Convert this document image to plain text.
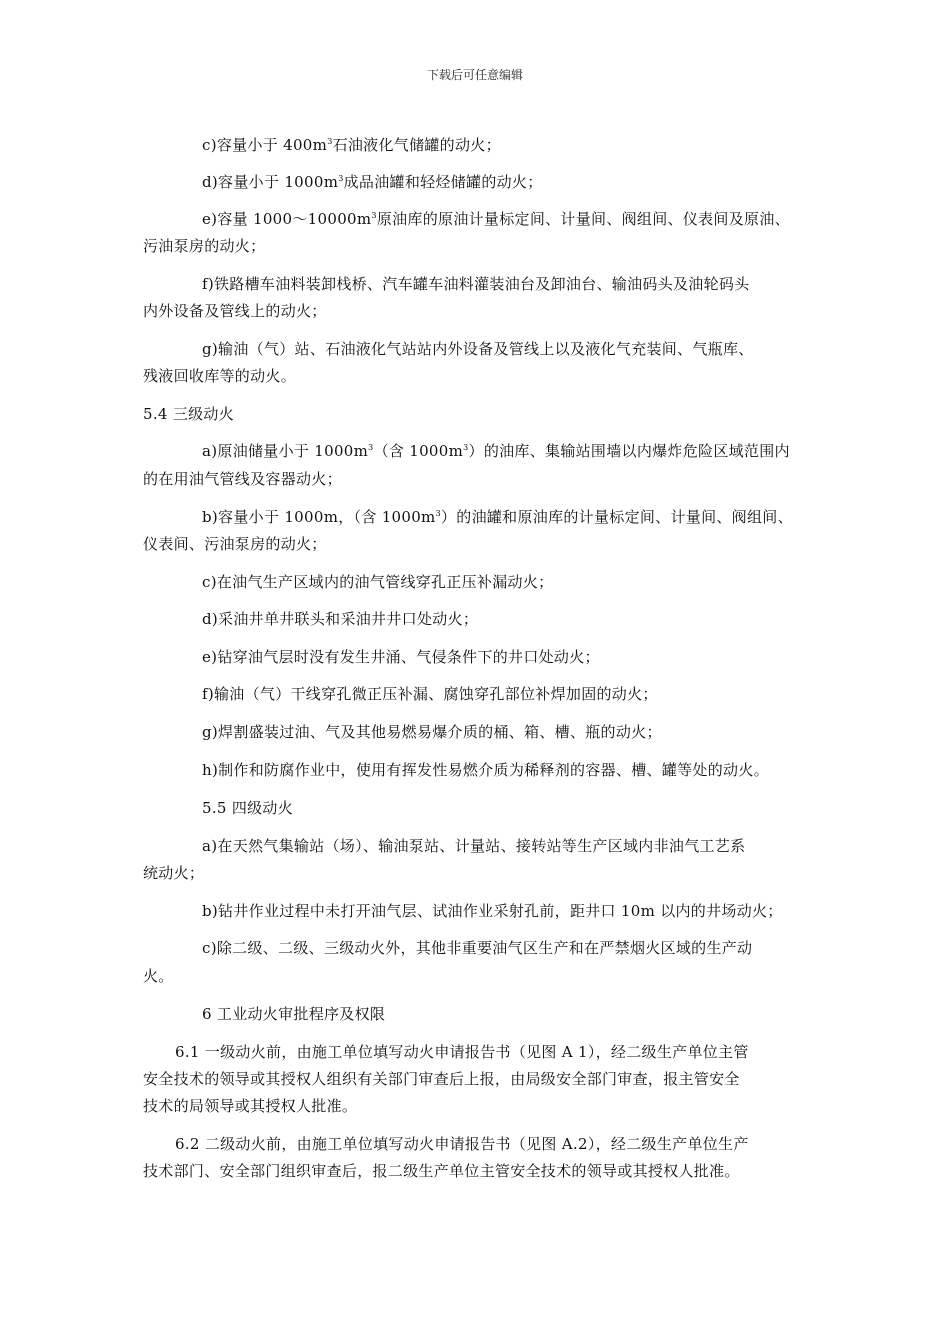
下载后可任意编辑
c)容量小于 $400m^3$石油液化气储罐的动火；
d)容量小于 $1000m^3$成品油罐和轻烃储罐的动火；
e)容量 $1000\sim 10000m^3$原油库的原油计量标定间、计量间、阀组间、仪表间及原油、
污油泵房的动火；
f)铁路槽车油料装卸栈桥、汽车罐车油料灌装油台及卸油台、输油码头及油轮码头
内外设备及管线上的动火；
g)输油（气）站、石油液化气站站内外设备及管线上以及液化气充装间、气瓶库、
残液回收库等的动火。
5.4 三级动火
a)原油储量小于 $1000m^3$（含 $1000m^3$）的油库、集输站围墙以内爆炸危险区域范围内
的在用油气管线及容器动火；
b)容量小于 1000m，（含 $1000m^3$）的油罐和原油库的计量标定间、计量间、阀组间、
仪表间、污油泵房的动火；
c)在油气生产区域内的油气管线穿孔正压补漏动火；
d)采油井单井联头和采油井井口处动火；
e)钻穿油气层时没有发生井涌、气侵条件下的井口处动火；
f)输油（气）干线穿孔微正压补漏、腐蚀穿孔部位补焊加固的动火；
g)焊割盛装过油、气及其他易燃易爆介质的桶、箱、槽、瓶的动火；
h)制作和防腐作业中，使用有挥发性易燃介质为稀释剂的容器、槽、罐等处的动火。
5.5 四级动火
a)在天然气集输站（场）、输油泵站、计量站、接转站等生产区域内非油气工艺系
统动火；
b)钻井作业过程中未打开油气层、试油作业采射孔前，距井口 10m 以内的井场动火；
c)除二级、二级、三级动火外，其他非重要油气区生产和在严禁烟火区域的生产动
火。
6 工业动火审批程序及权限
6.1 一级动火前，由施工单位填写动火申请报告书（见图 A 1），经二级生产单位主管
安全技术的领导或其授权人组织有关部门审查后上报，由局级安全部门审查，报主管安全
技术的局领导或其授权人批准。
6.2 二级动火前，由施工单位填写动火申请报告书（见图 A.2），经二级生产单位生产
技术部门、安全部门组织审查后，报二级生产单位主管安全技术的领导或其授权人批准。
